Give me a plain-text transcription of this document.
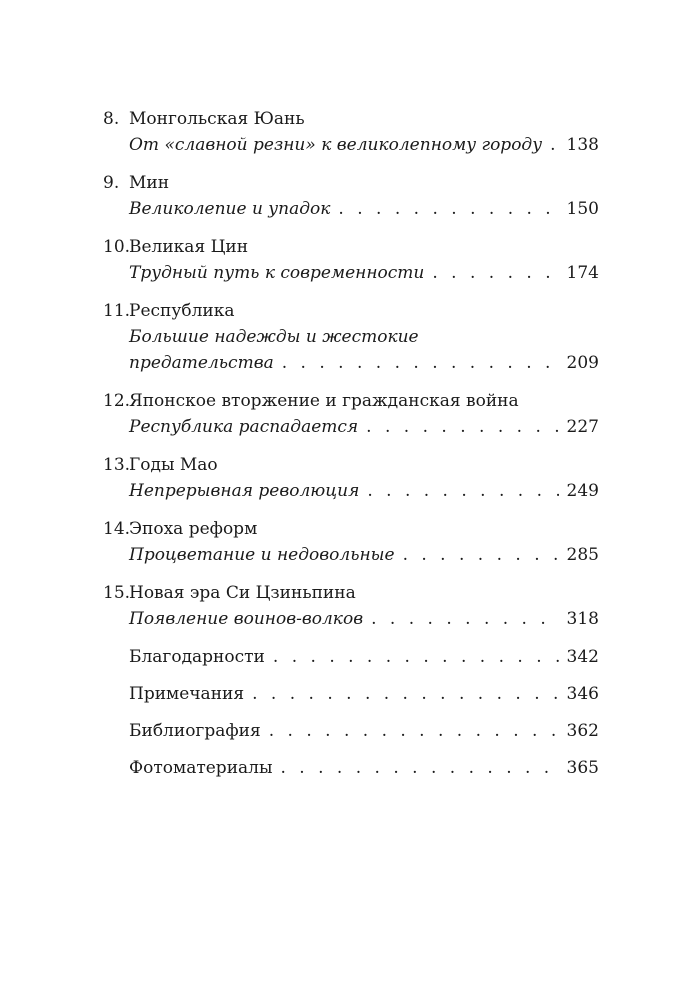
8. Монгольская Юань
От «славной резни» к великолепному городу . . . 138
9. Мин
Великолепие и упадок . . .	150
10.Великая Цин
Трудный путь к современности . . .	174
11.Республика
Большие надежды и жестокие
предательства . . .	209
12.Японское вторжение и гражданская война
Республика распадается . . .	227
13.Годы Мао
Непрерывная революция . . .	249
14.Эпоха реформ
Процветание и недовольные . . .	285
15.Новая эра Си Цзиньпина
Появление воинов-волков . . .	318
Благодарности . . .	342
Примечания . . .	346
Библиография . . .	362
Фотоматериалы . . .	365
